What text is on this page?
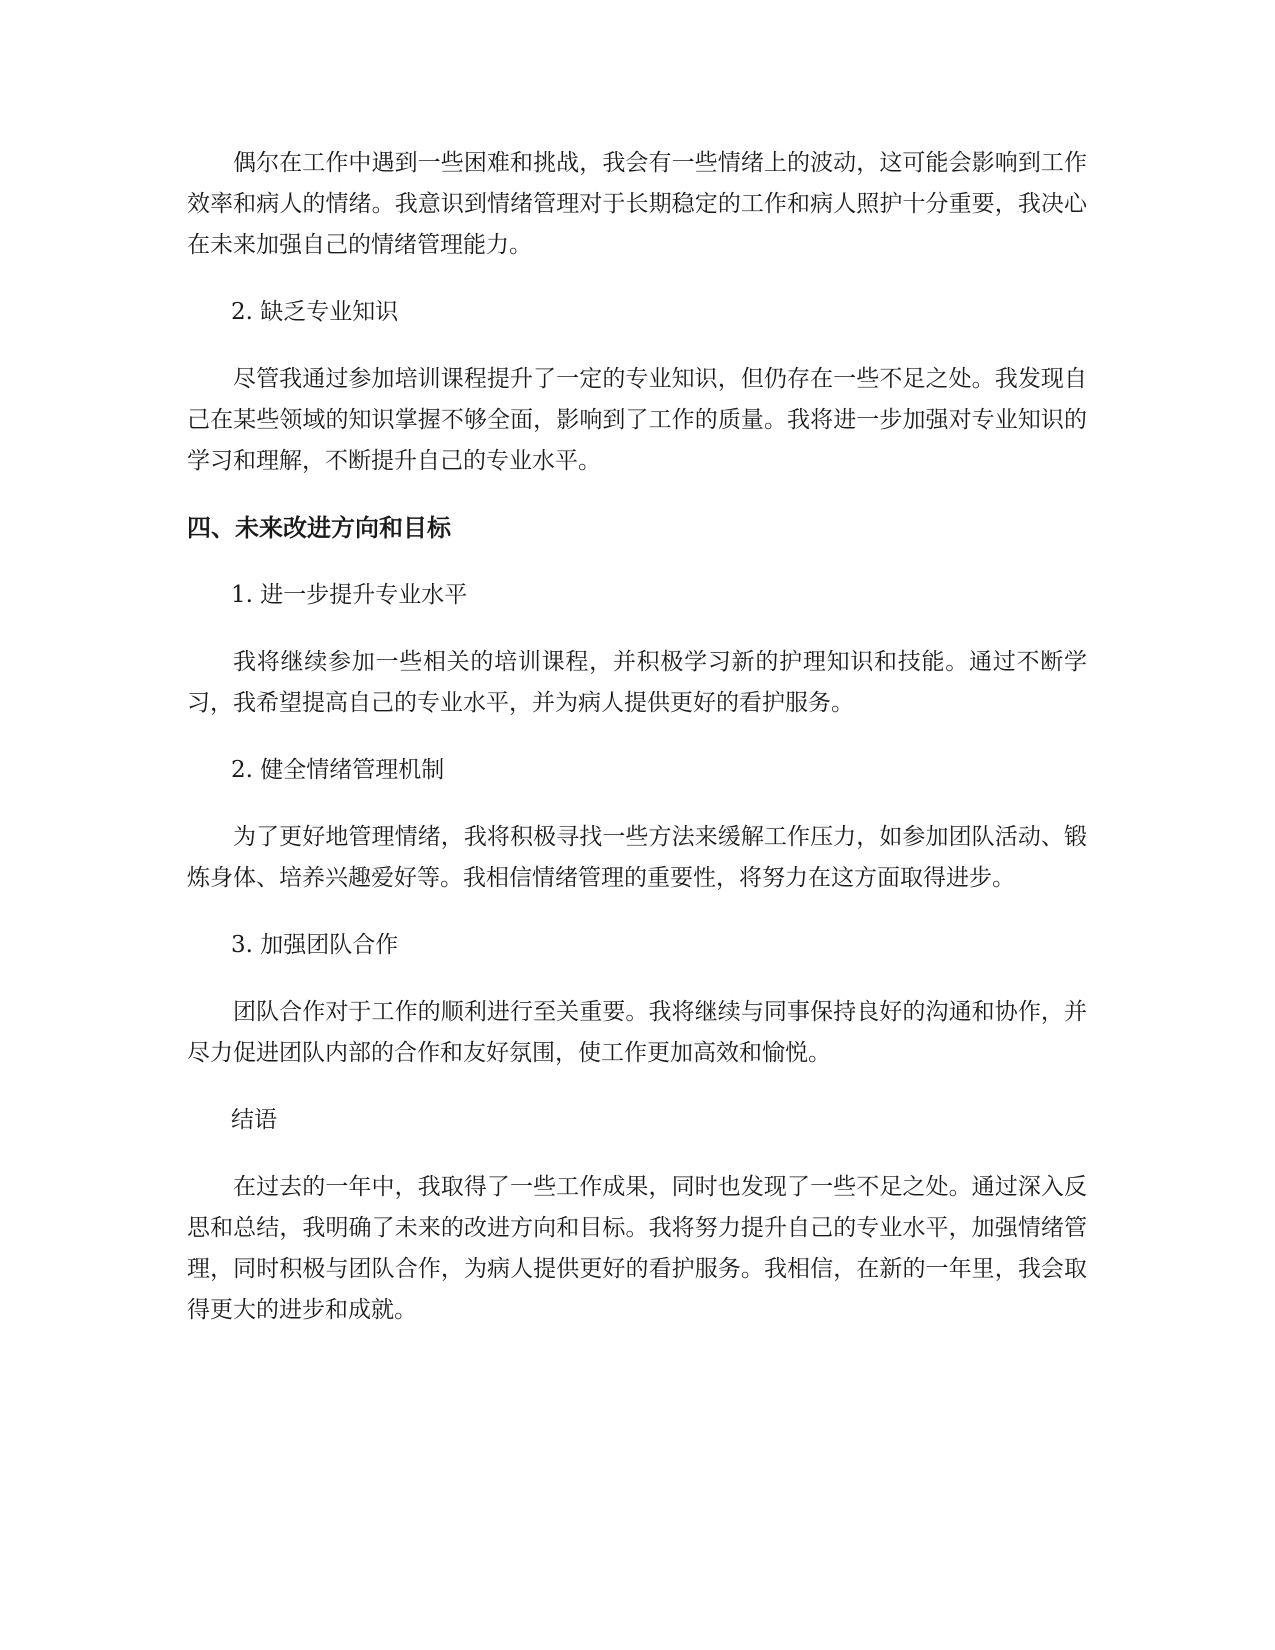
偶尔在工作中遇到一些困难和挑战，我会有一些情绪上的波动，这可能会影响到工作效率和病人的情绪。我意识到情绪管理对于长期稳定的工作和病人照护十分重要，我决心在未来加强自己的情绪管理能力。

2. 缺乏专业知识

尽管我通过参加培训课程提升了一定的专业知识，但仍存在一些不足之处。我发现自己在某些领域的知识掌握不够全面，影响到了工作的质量。我将进一步加强对专业知识的学习和理解，不断提升自己的专业水平。

四、未来改进方向和目标

1. 进一步提升专业水平

我将继续参加一些相关的培训课程，并积极学习新的护理知识和技能。通过不断学习，我希望提高自己的专业水平，并为病人提供更好的看护服务。

2. 健全情绪管理机制

为了更好地管理情绪，我将积极寻找一些方法来缓解工作压力，如参加团队活动、锻炼身体、培养兴趣爱好等。我相信情绪管理的重要性，将努力在这方面取得进步。

3. 加强团队合作

团队合作对于工作的顺利进行至关重要。我将继续与同事保持良好的沟通和协作，并尽力促进团队内部的合作和友好氛围，使工作更加高效和愉悦。

结语

在过去的一年中，我取得了一些工作成果，同时也发现了一些不足之处。通过深入反思和总结，我明确了未来的改进方向和目标。我将努力提升自己的专业水平，加强情绪管理，同时积极与团队合作，为病人提供更好的看护服务。我相信，在新的一年里，我会取得更大的进步和成就。
